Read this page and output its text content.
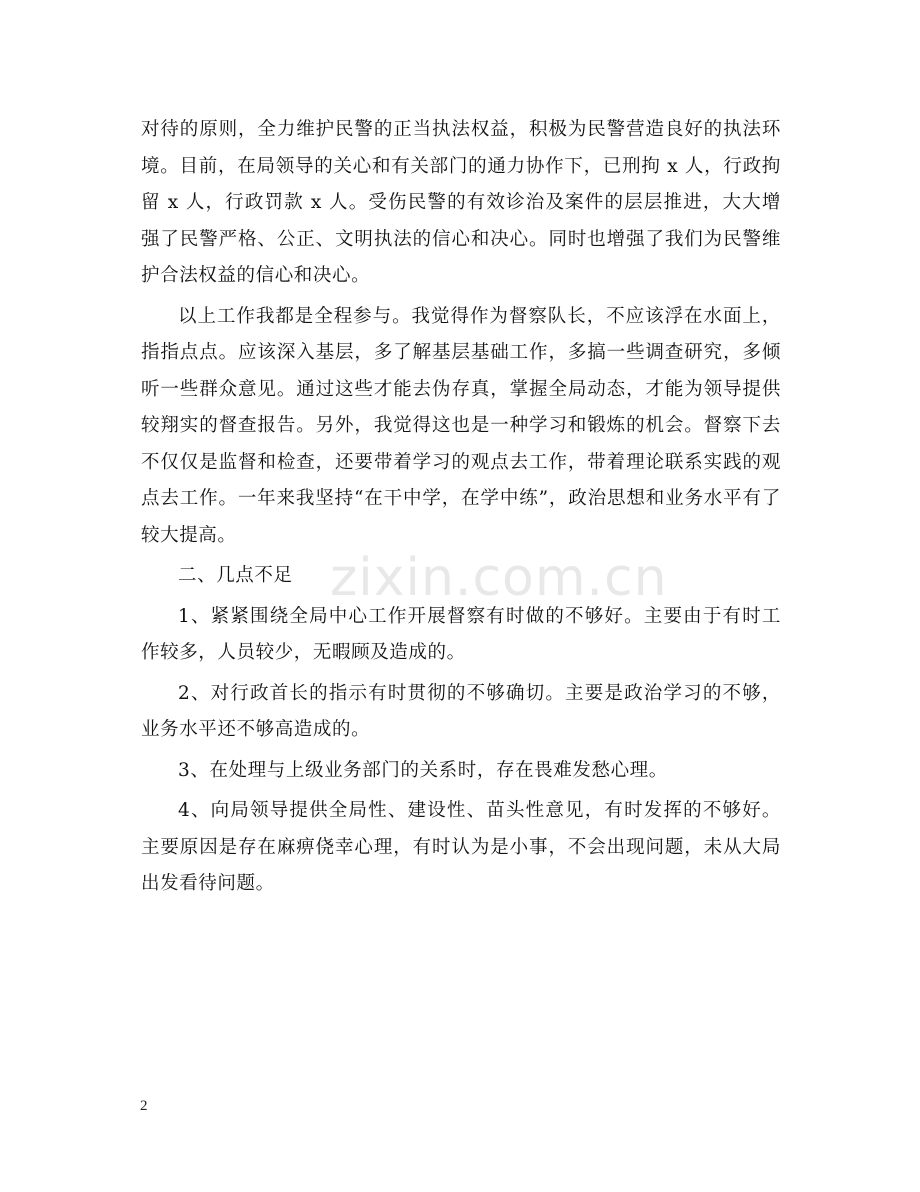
对待的原则，全力维护民警的正当执法权益，积极为民警营造良好的执法环境。目前，在局领导的关心和有关部门的通力协作下，已刑拘 x 人，行政拘留 x 人，行政罚款 x 人。受伤民警的有效诊治及案件的层层推进，大大增强了民警严格、公正、文明执法的信心和决心。同时也增强了我们为民警维护合法权益的信心和决心。

以上工作我都是全程参与。我觉得作为督察队长，不应该浮在水面上，指指点点。应该深入基层，多了解基层基础工作，多搞一些调查研究，多倾听一些群众意见。通过这些才能去伪存真，掌握全局动态，才能为领导提供较翔实的督查报告。另外，我觉得这也是一种学习和锻炼的机会。督察下去不仅仅是监督和检查，还要带着学习的观点去工作，带着理论联系实践的观点去工作。一年来我坚持“在干中学，在学中练”，政治思想和业务水平有了较大提高。

二、几点不足

1、紧紧围绕全局中心工作开展督察有时做的不够好。主要由于有时工作较多，人员较少，无暇顾及造成的。

2、对行政首长的指示有时贯彻的不够确切。主要是政治学习的不够，业务水平还不够高造成的。

3、在处理与上级业务部门的关系时，存在畏难发愁心理。

4、向局领导提供全局性、建设性、苗头性意见，有时发挥的不够好。主要原因是存在麻痹侥幸心理，有时认为是小事，不会出现问题，未从大局出发看待问题。

zixin.com.cn
2
